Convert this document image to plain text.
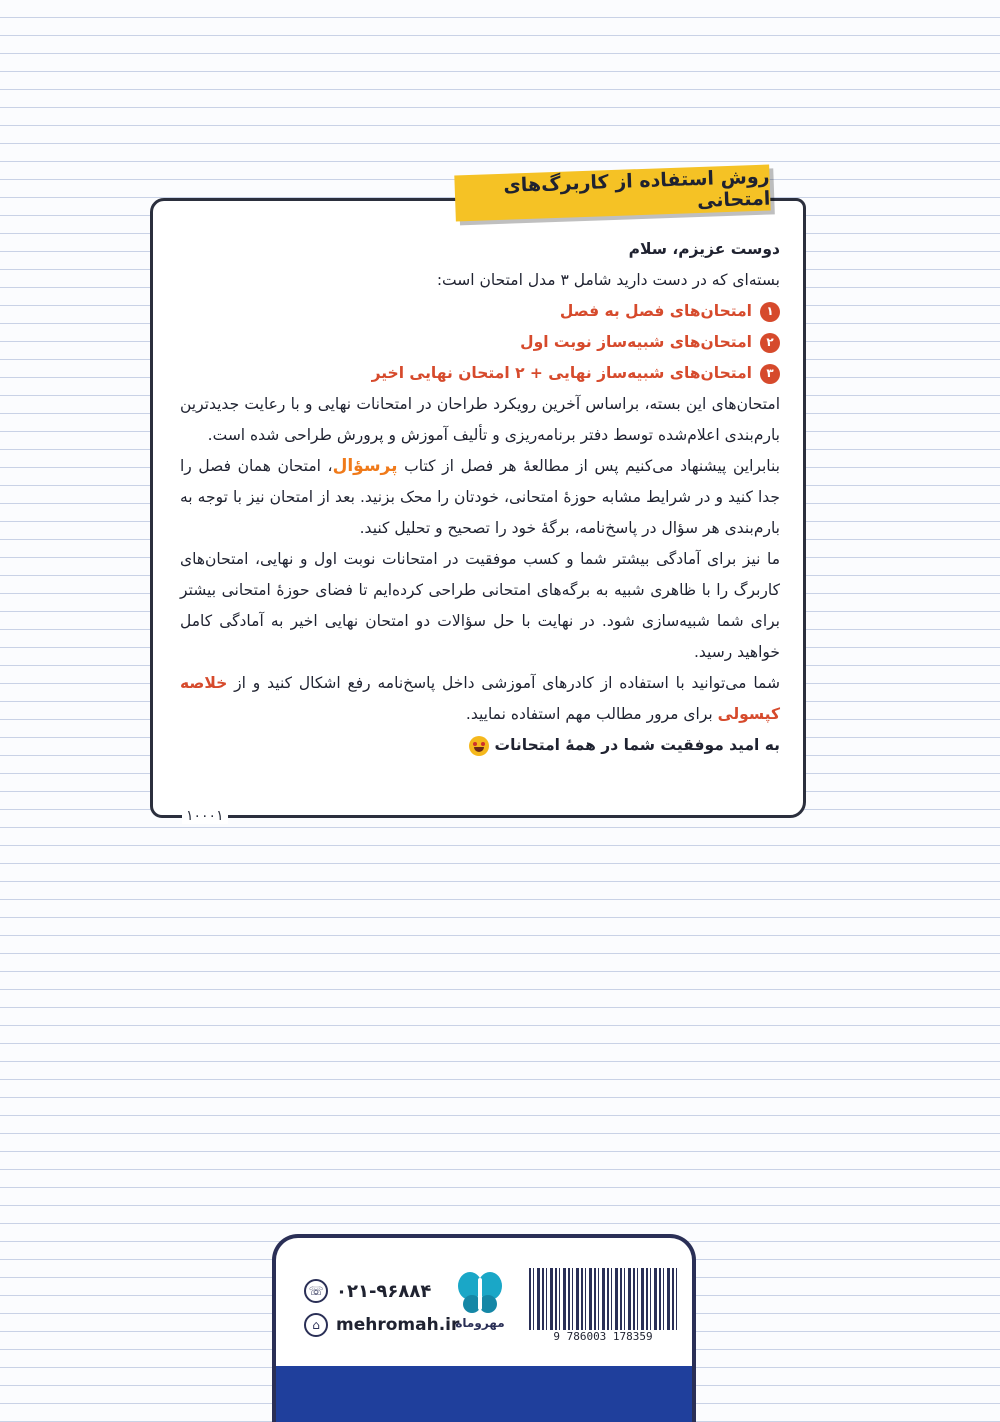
روش استفاده از کاربرگ‌های امتحانی

دوست عزیزم، سلام

بسته‌ای که در دست دارید شامل ۳ مدل امتحان است:

۱
امتحان‌های فصل به فصل
۲
امتحان‌های شبیه‌ساز نوبت اول
۳
امتحان‌های شبیه‌ساز نهایی + ۲ امتحان نهایی اخیر

امتحان‌های این بسته، براساس آخرین رویکرد طراحان در امتحانات نهایی و با رعایت جدیدترین بارم‌بندی اعلام‌شده توسط دفتر برنامه‌ریزی و تألیف آموزش و پرورش طراحی شده است.

بنابراین پیشنهاد می‌کنیم پس از مطالعهٔ هر فصل از کتاب پرسؤال، امتحان همان فصل را جدا کنید و در شرایط مشابه حوزهٔ امتحانی، خودتان را محک بزنید. بعد از امتحان نیز با توجه به بارم‌بندی هر سؤال در پاسخ‌نامه، برگهٔ خود را تصحیح و تحلیل کنید.

ما نیز برای آمادگی بیشتر شما و کسب موفقیت در امتحانات نوبت اول و نهایی، امتحان‌های کاربرگ را با ظاهری شبیه به برگه‌های امتحانی طراحی کرده‌ایم تا فضای حوزهٔ امتحانی بیشتر برای شما شبیه‌سازی شود. در نهایت با حل سؤالات دو امتحان نهایی اخیر به آمادگی کامل خواهید رسید.

شما می‌توانید با استفاده از کادرهای آموزشی داخل پاسخ‌نامه رفع اشکال کنید و از خلاصه کپسولی برای مرور مطالب مهم استفاده نمایید.

به امید موفقیت شما در همهٔ امتحانات
۱۰۰۰۱
☏ ۰۲۱-۹۶۸۸۴
⌂ mehromah.ir
مهروماه
9 786003 178359
